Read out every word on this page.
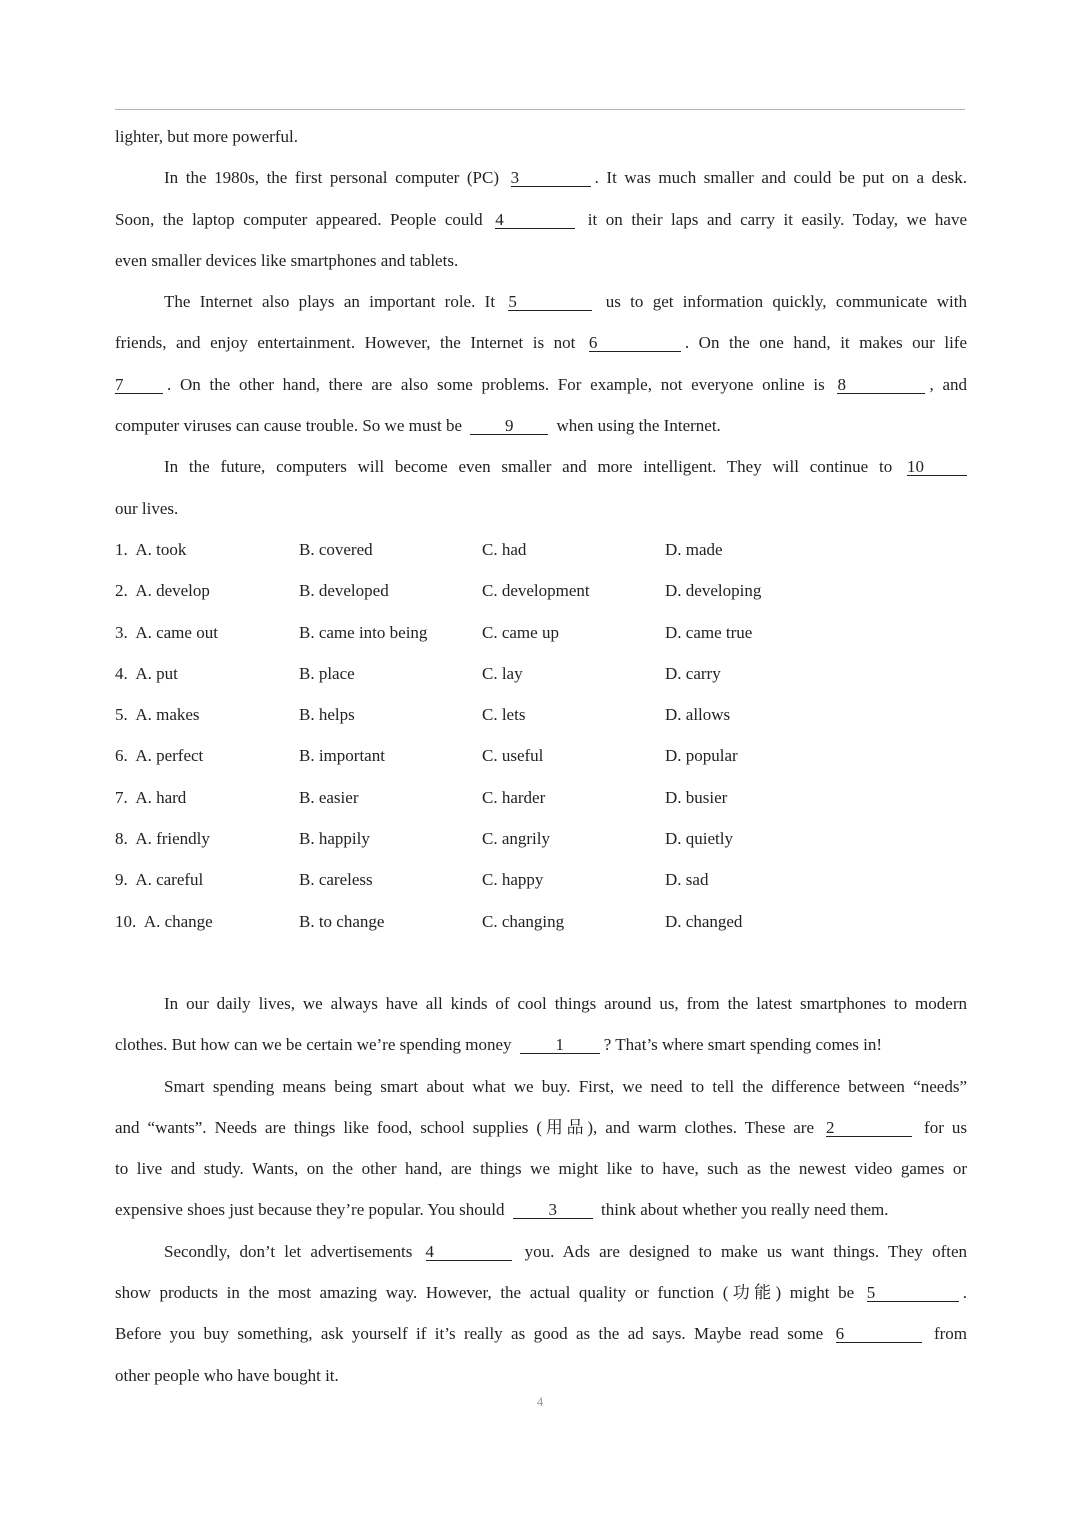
lighter, but more powerful.
In the 1980s, the first personal computer (PC) 3	. It was much smaller and could be put on a desk.
Soon, the laptop computer appeared. People could 4	it on their laps and carry it easily. Today, we have
even smaller devices like smartphones and tablets.
The Internet also plays an important role. It 5	us to get information quickly, communicate with
friends, and enjoy entertainment. However, the Internet is not 6	. On the one hand, it makes our life
7	. On the other hand, there are also some problems. For example, not everyone online is 8	, and
computer viruses can cause trouble. So we must be	9	when using the Internet.
In the future, computers will become even smaller and more intelligent. They will continue to 10
our lives.
1. A. took	B. covered	C. had	D. made
2. A. develop	B. developed	C. development	D. developing
3. A. came out	B. came into being	C. came up	D. came true
4. A. put	B. place	C. lay	D. carry
5. A. makes	B. helps	C. lets	D. allows
6. A. perfect	B. important	C. useful	D. popular
7. A. hard	B. easier	C. harder	D. busier
8. A. friendly	B. happily	C. angrily	D. quietly
9. A. careful	B. careless	C. happy	D. sad
10. A. change	B. to change	C. changing	D. changed
In our daily lives, we always have all kinds of cool things around us, from the latest smartphones to modern
clothes. But how can we be certain we’re spending money	1 ? That’s where smart spending comes in!
Smart spending means being smart about what we buy. First, we need to tell the difference between “needs”
and “wants”. Needs are things like food, school supplies (用品), and warm clothes. These are 2	for us
to live and study. Wants, on the other hand, are things we might like to have, such as the newest video games or
expensive shoes just because they’re popular. You should	3	think about whether you really need them.
Secondly, don’t let advertisements 4	you. Ads are designed to make us want things. They often
show products in the most amazing way. However, the actual quality or function (功能) might be 5	.
Before you buy something, ask yourself if it’s really as good as the ad says. Maybe read some 6	from
other people who have bought it.
4
